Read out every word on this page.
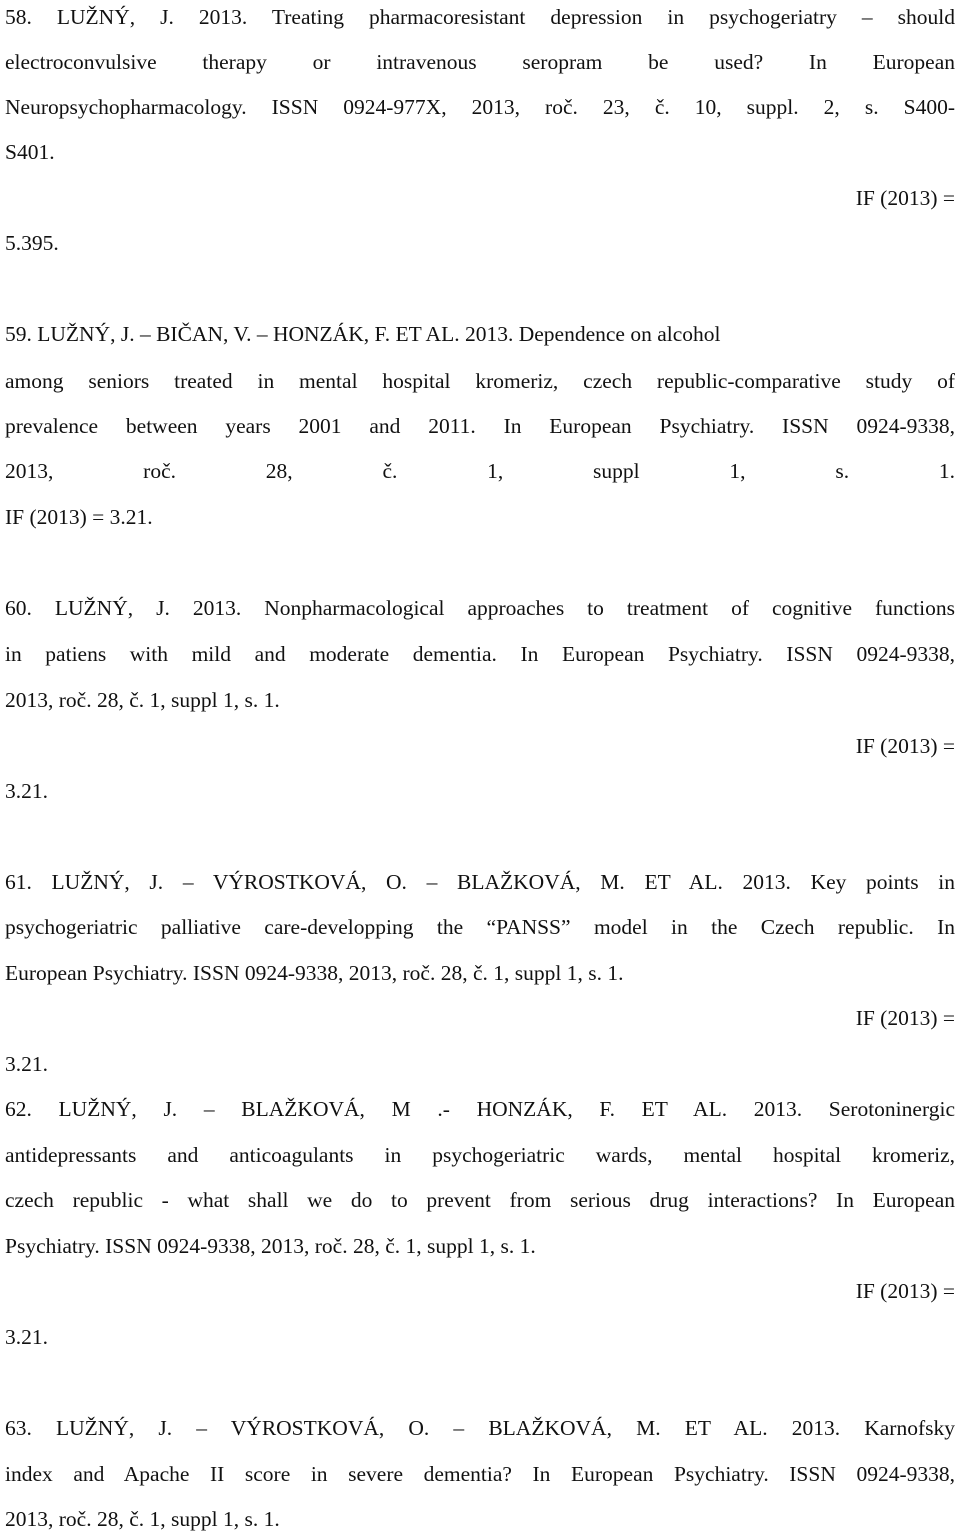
58. LUŽNÝ, J. 2013. Treating pharmacoresistant depression in psychogeriatry – should
electroconvulsive therapy or intravenous seropram be used? In European
Neuropsychopharmacology. ISSN 0924-977X, 2013, roč. 23, č. 10, suppl. 2, s. S400-
S401.
IF (2013) =
5.395.
59. LUŽNÝ, J. – BIČAN, V. – HONZÁK, F. ET AL. 2013. Dependence on alcohol
among seniors treated in mental hospital kromeriz, czech republic-comparative study of
prevalence between years 2001 and 2011. In European Psychiatry. ISSN 0924-9338,
2013, roč. 28, č. 1, suppl 1, s. 1.
IF (2013) = 3.21.
60. LUŽNÝ, J. 2013. Nonpharmacological approaches to treatment of cognitive functions
in patiens with mild and moderate dementia. In European Psychiatry. ISSN 0924-9338,
2013, roč. 28, č. 1, suppl 1, s. 1.
IF (2013) =
3.21.
61. LUŽNÝ, J. – VÝROSTKOVÁ, O. – BLAŽKOVÁ, M. ET AL. 2013. Key points in
psychogeriatric palliative care-developping the “PANSS” model in the Czech republic. In
European Psychiatry. ISSN 0924-9338, 2013, roč. 28, č. 1, suppl 1, s. 1.
IF (2013) =
3.21.
62. LUŽNÝ, J. – BLAŽKOVÁ, M .- HONZÁK, F. ET AL. 2013. Serotoninergic
antidepressants and anticoagulants in psychogeriatric wards, mental hospital kromeriz,
czech republic - what shall we do to prevent from serious drug interactions? In European
Psychiatry. ISSN 0924-9338, 2013, roč. 28, č. 1, suppl 1, s. 1.
IF (2013) =
3.21.
63. LUŽNÝ, J. – VÝROSTKOVÁ, O. – BLAŽKOVÁ, M. ET AL. 2013. Karnofsky
index and Apache II score in severe dementia? In European Psychiatry. ISSN 0924-9338,
2013, roč. 28, č. 1, suppl 1, s. 1.
